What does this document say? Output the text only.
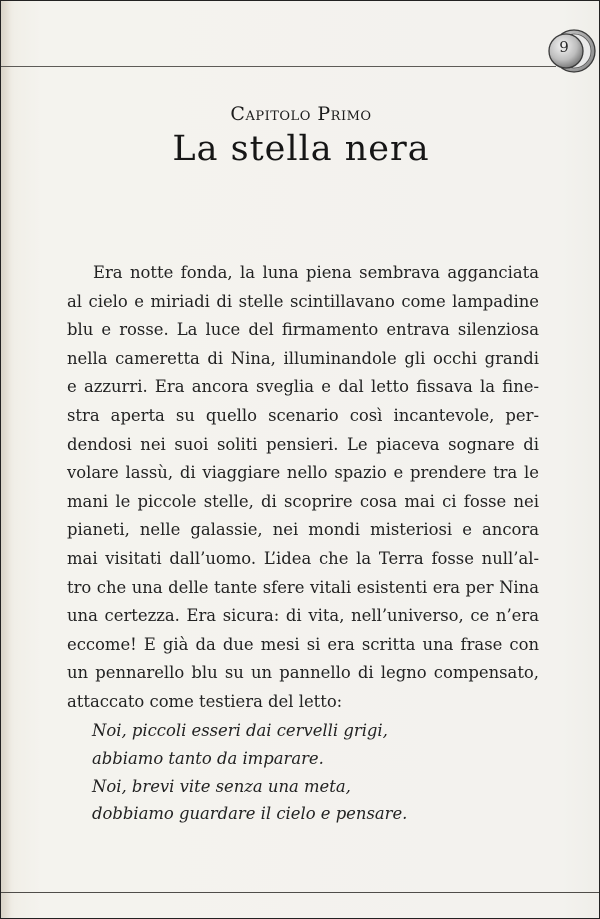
9
Capitolo Primo
La stella nera
Era notte fonda, la luna piena sembrava agganciata
al cielo e miriadi di stelle scintillavano come lampadine
blu e rosse. La luce del firmamento entrava silenziosa
nella cameretta di Nina, illuminandole gli occhi grandi
e azzurri. Era ancora sveglia e dal letto fissava la fine-
stra aperta su quello scenario così incantevole, per-
dendosi nei suoi soliti pensieri. Le piaceva sognare di
volare lassù, di viaggiare nello spazio e prendere tra le
mani le piccole stelle, di scoprire cosa mai ci fosse nei
pianeti, nelle galassie, nei mondi misteriosi e ancora
mai visitati dall’uomo. L’idea che la Terra fosse null’al-
tro che una delle tante sfere vitali esistenti era per Nina
una certezza. Era sicura: di vita, nell’universo, ce n’era
eccome! E già da due mesi si era scritta una frase con
un pennarello blu su un pannello di legno compensato,
attaccato come testiera del letto:
Noi, piccoli esseri dai cervelli grigi,
abbiamo tanto da imparare.
Noi, brevi vite senza una meta,
dobbiamo guardare il cielo e pensare.
